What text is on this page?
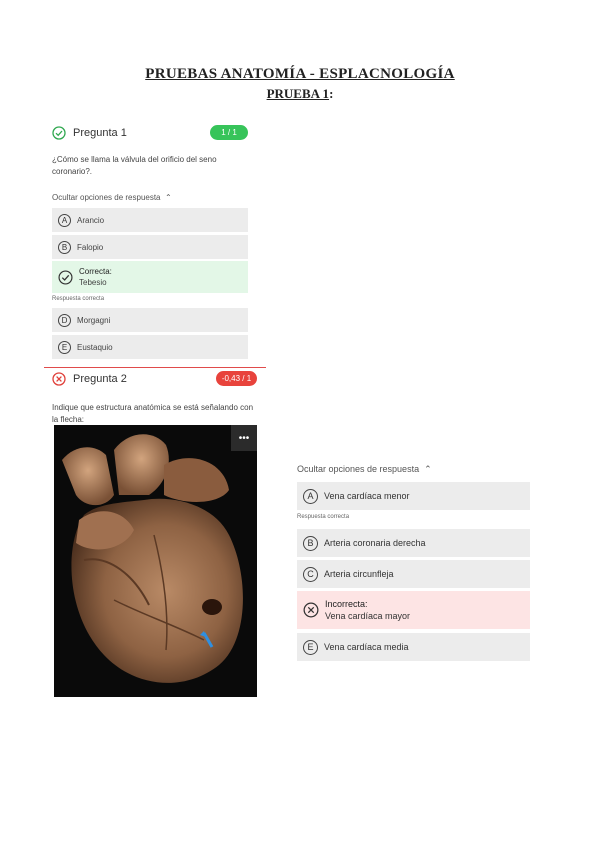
PRUEBAS ANATOMÍA - ESPLACNOLOGÍA
PRUEBA 1:
Pregunta 1	1 / 1
¿Cómo se llama la válvula del orificio del seno coronario?.
Ocultar opciones de respuesta  ⌃
A	Arancio
B	Falopio
Correcta:
Tebesio
Respuesta correcta
D	Morgagni
E	Eustaquio
Pregunta 2	-0,43 / 1
Indique que estructura anatómica se está señalando con la flecha:
•••
Ocultar opciones de respuesta  ⌃
A	Vena cardíaca menor
Respuesta correcta
B	Arteria coronaria derecha
C	Arteria circunfleja
Incorrecta:
Vena cardíaca mayor
E	Vena cardíaca media
